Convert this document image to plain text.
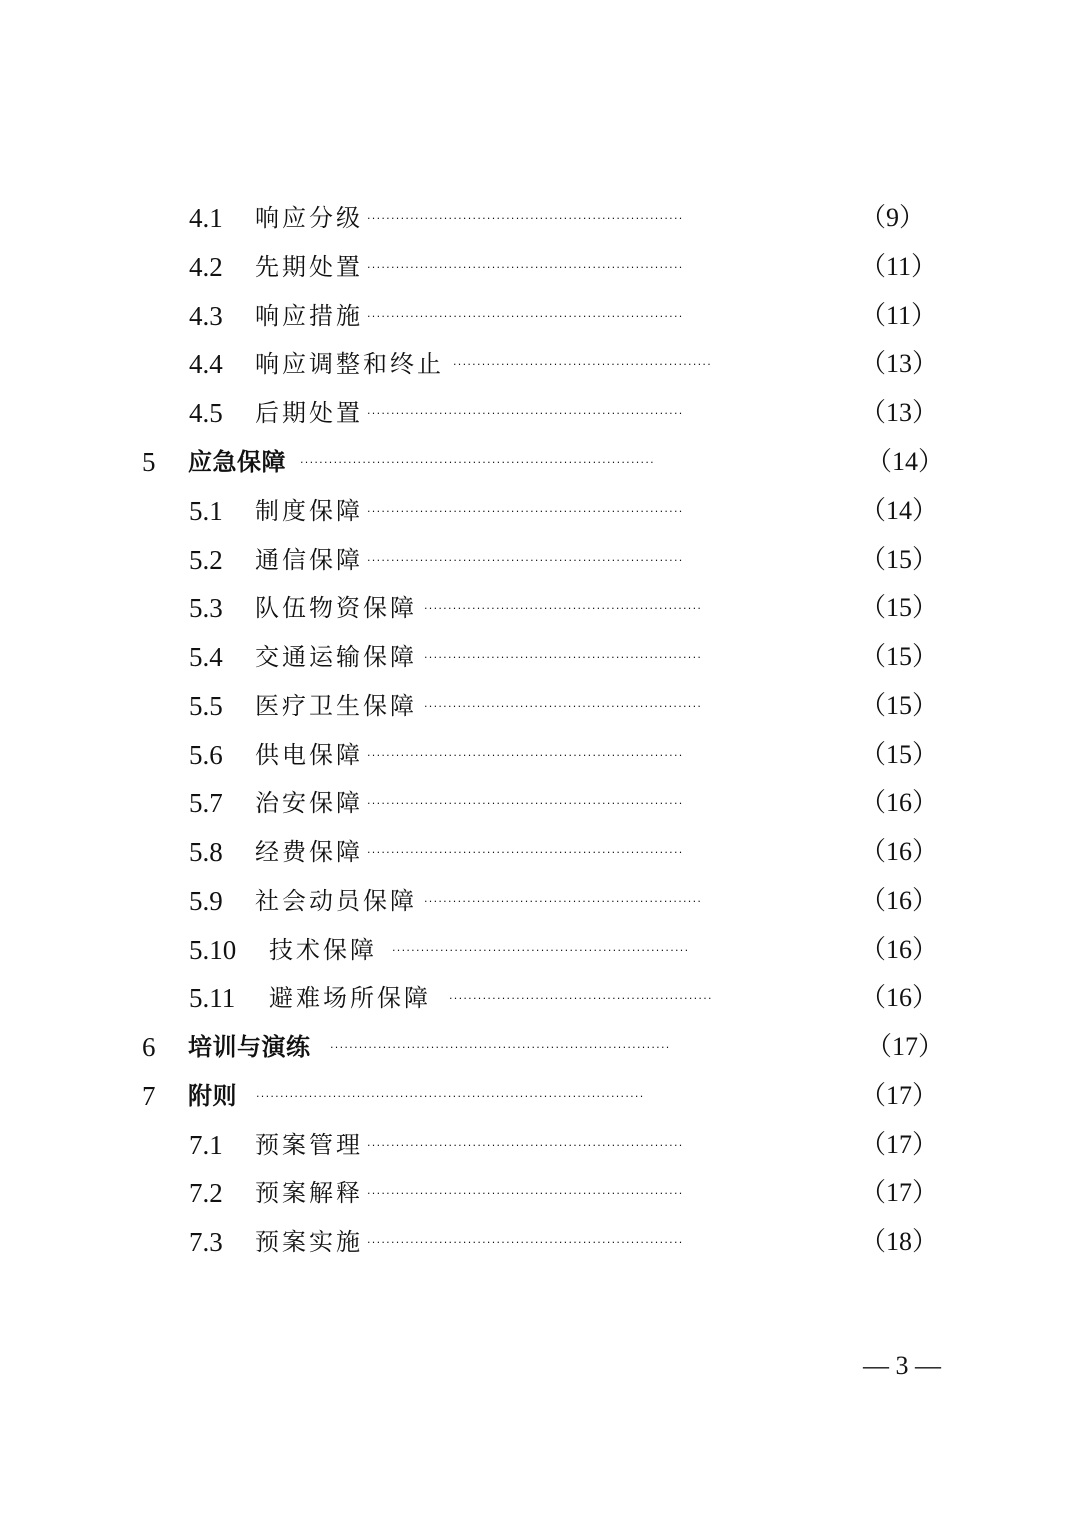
4.1 响应分级 ··································································	（9）
4.2 先期处置 ··································································	（11）
4.3 响应措施 ··································································	（11）
4.4 响应调整和终止 ······················································	（13）
4.5 后期处置 ··································································	（13）
5 应急保障 ··········································································	（14）
5.1 制度保障 ··································································	（14）
5.2 通信保障 ··································································	（15）
5.3 队伍物资保障 ··························································	（15）
5.4 交通运输保障 ··························································	（15）
5.5 医疗卫生保障 ··························································	（15）
5.6 供电保障 ··································································	（15）
5.7 治安保障 ··································································	（16）
5.8 经费保障 ··································································	（16）
5.9 社会动员保障 ··························································	（16）
5.10 技术保障 ······························································	（16）
5.11 避难场所保障 ·······················································	（16）
6 培训与演练 ·······································································	（17）
7 附则 ·················································································	（17）
7.1 预案管理 ··································································	（17）
7.2 预案解释 ··································································	（17）
7.3 预案实施 ··································································	（18）
— 3 —
